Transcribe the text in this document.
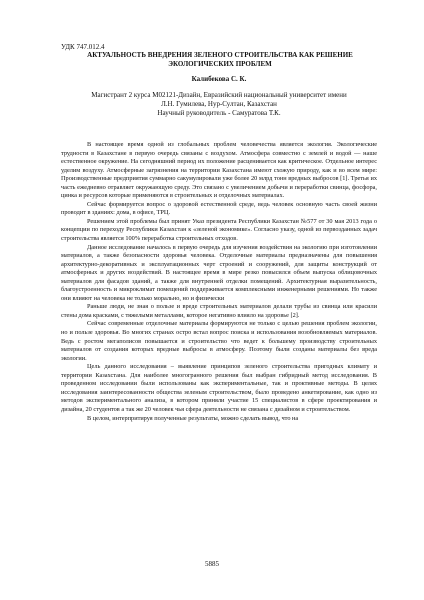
УДК 747.012.4
АКТУАЛЬНОСТЬ ВНЕДРЕНИЯ ЗЕЛЕНОГО СТРОИТЕЛЬСТВА КАК РЕШЕНИЕ ЭКОЛОГИЧЕСКИХ ПРОБЛЕМ
Калибекова С. К.
Магистрант 2 курса М02121-Дизайн, Евразийский национальный университет имени
Л.Н. Гумилева, Нур-Султан, Казахстан
Научный руководитель - Самуратова Т.К.

В настоящее время одной из глобальных проблем человечества является экология. Экологические трудности в Казахстане в первую очередь связаны с воздухом. Атмосфера совместно с землей и водой — наше естественное окружение. На сегодняшний период их положение расценивается как критическое. Отдельное интерес уделим воздуху. Атмосферные загрязнения на территории Казахстана имеют схожую природу, как и во всем мире: Производственные предприятия суммарно сакумулировали уже более 20 млрд тонн вредных выбросов [1]. Третья их часть ежедневно отравляет окружающую среду. Это связано с увеличением добычи и переработки свинца, фосфора, цинка и ресурсов которые применяются в строительных и отделочных материалах.

Сейчас формируется вопрос о здоровой естественной среде, ведь человек основную часть своей жизни проводит в зданиях: дома, в офисе, ТРЦ.

Решением этой проблемы был принят Указ президента Республики Казахстан №577 от 30 мая 2013 года о концепции по переходу Республики Казахстан к «зеленой экономике». Согласно указу, одной из первозданных задач строительства является 100% переработка строительных отходов.

Данное исследование началось в первую очередь для изучения воздействия на экологию при изготовлении материалов, а также безопасности здоровья человека. Отделочные материалы предназначены для повышения архитектурно-декоративных и эксплуатационных черт строений и сооружений, для защиты конструкций от атмосферных и других воздействий. В настоящее время в мире резко повысился объем выпуска облицовочных материалов для фасадов зданий, а также для внутренней отделки помещений. Архитектурная выразительность, благоустроенность и микроклимат помещений поддерживается комплексными инженерными решениями. Но также они влияют на человека не только морально, но и физически

Раньше люди, не зная о пользе и вреде строительных материалов делали трубы из свинца или красили стены дома красками, с тяжелыми металлами, которое негативно влияло на здоровье [2].

Сейчас современные отделочные материалы формируются не только с целью решения проблем экологии, но и пользе здоровья. Во многих странах остро встал вопрос поиска и использования возобновляемых материалов. Ведь с ростом мегаполисов повышается и строительство что ведет к большему производству строительных материалов от создания которых вредные выбросы в атмосферу. Поэтому были созданы материалы без вреда экологии.

Цель данного исследования – выявление принципов зеленого строительства пригодных климату и территории Казахстана. Для наиболее многогранного решения был выбран гибридный метод исследования. В проведенном исследовании были использованы как экспериментальные, так и проктивные методы. В целях исследования заинтересованности общества зеленым строительством, было проведено анкетирование, как одно из методов экспериментального анализа, в котором приняли участие 15 специалистов в сфере проектирования и дизайна, 20 студентов а так же 20 человек чья сфера деятельности не связана с дизайном и строительством.

В целом, интерпритируя полученные результаты, можно сделать вывод, что на

5885
